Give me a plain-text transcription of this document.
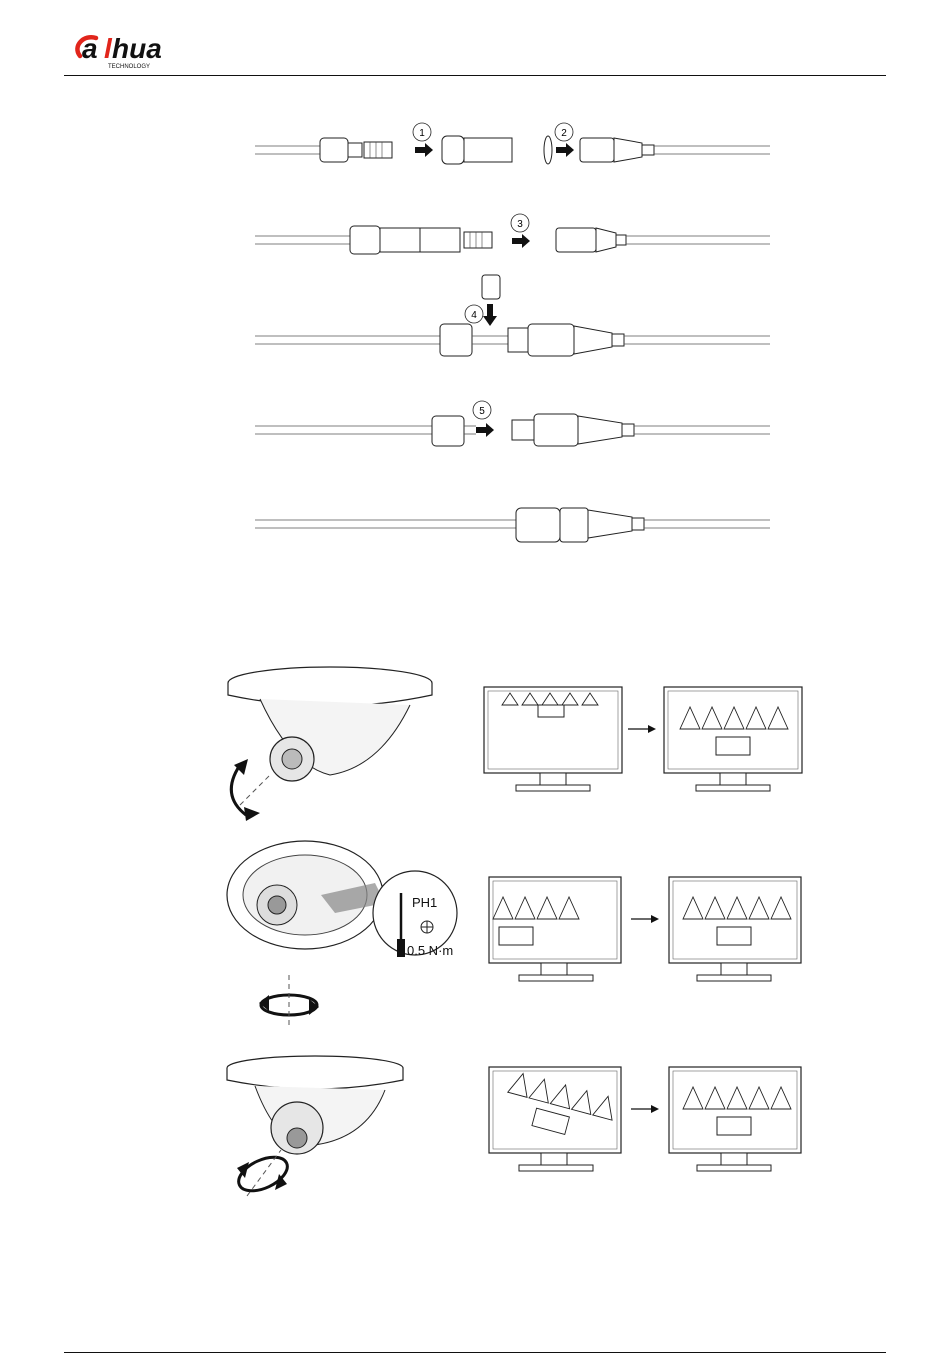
a l hua
TECHNOLOGY
1	2
3
4
5
PH1
0.5 N·m
